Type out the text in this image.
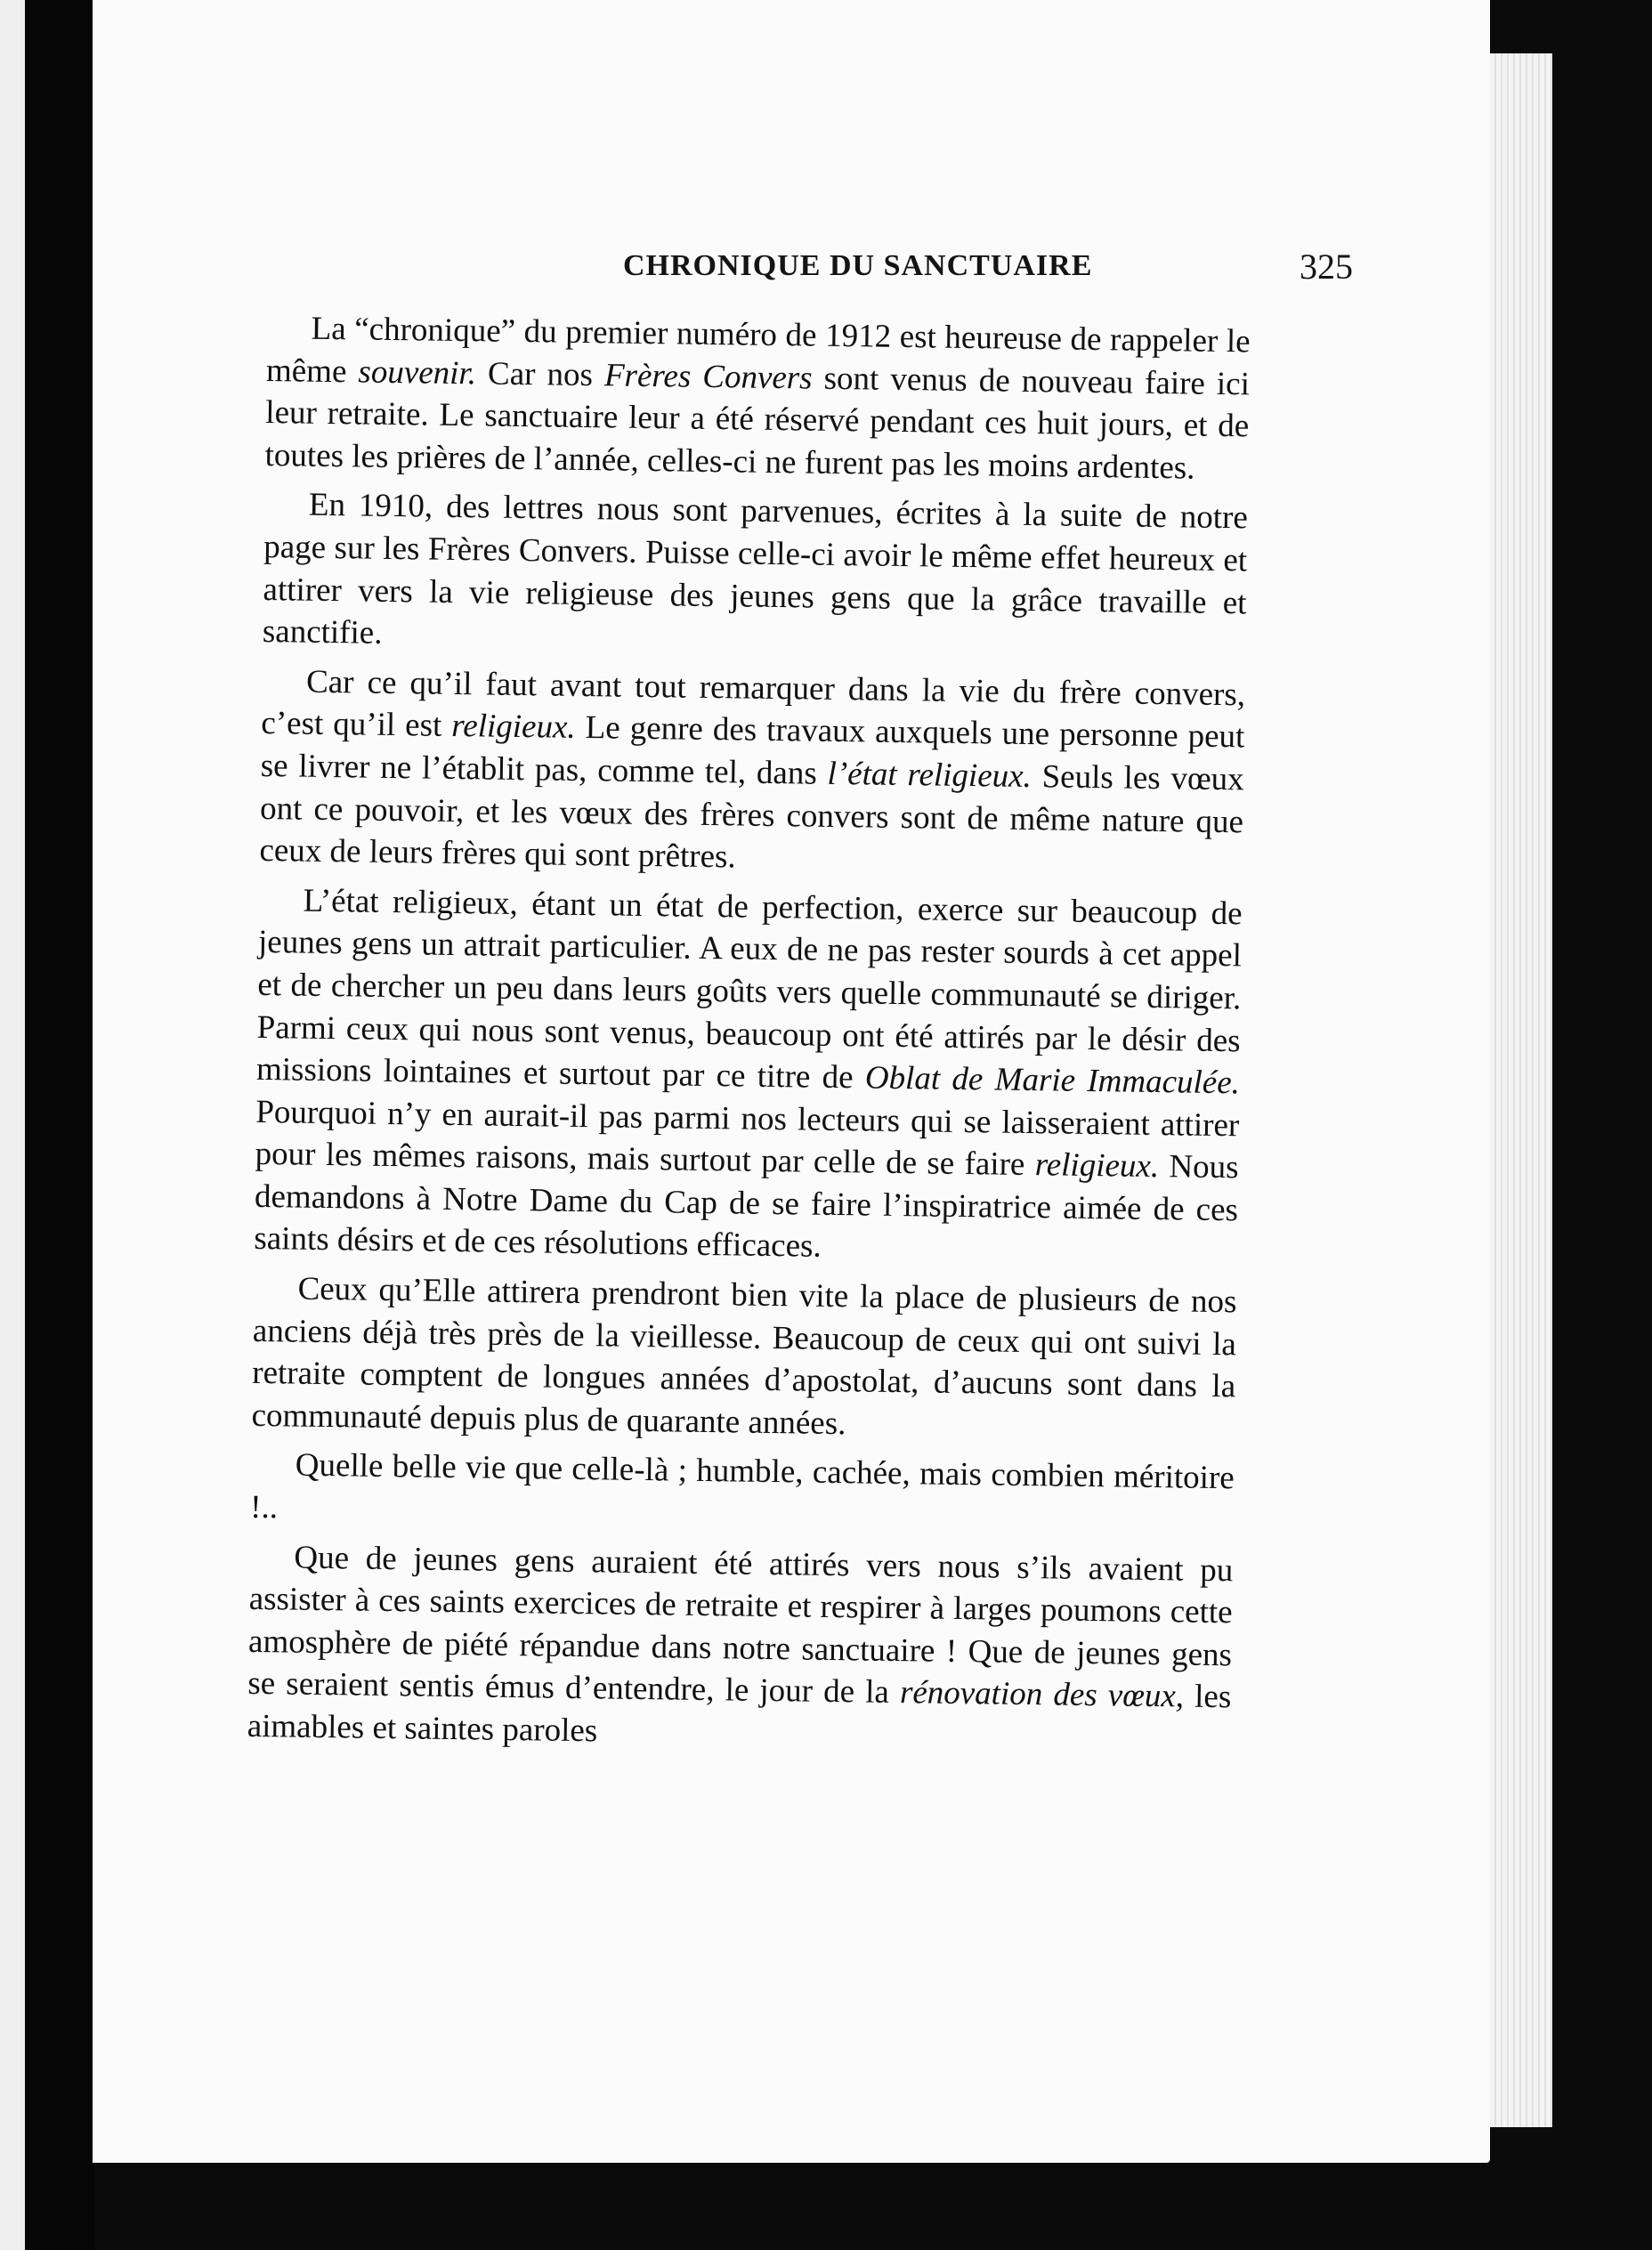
CHRONIQUE DU SANCTUAIRE	325

La “chronique” du premier numéro de 1912 est heureuse de rappeler le même souvenir. Car nos Frères Convers sont venus de nouveau faire ici leur retraite. Le sanctuaire leur a été réservé pendant ces huit jours, et de toutes les prières de l’année, celles-ci ne furent pas les moins ardentes.

En 1910, des lettres nous sont parvenues, écrites à la suite de notre page sur les Frères Convers. Puisse celle-ci avoir le même effet heureux et attirer vers la vie religieuse des jeunes gens que la grâce travaille et sanctifie.

Car ce qu’il faut avant tout remarquer dans la vie du frère convers, c’est qu’il est religieux. Le genre des travaux auxquels une personne peut se livrer ne l’établit pas, comme tel, dans l’état religieux. Seuls les vœux ont ce pouvoir, et les vœux des frères convers sont de même nature que ceux de leurs frères qui sont prêtres.

L’état religieux, étant un état de perfection, exerce sur beaucoup de jeunes gens un attrait particulier. A eux de ne pas rester sourds à cet appel et de chercher un peu dans leurs goûts vers quelle communauté se diriger. Parmi ceux qui nous sont venus, beaucoup ont été attirés par le désir des missions lointaines et surtout par ce titre de Oblat de Marie Immaculée. Pourquoi n’y en aurait-il pas parmi nos lecteurs qui se laisseraient attirer pour les mêmes raisons, mais surtout par celle de se faire religieux. Nous demandons à Notre Dame du Cap de se faire l’inspiratrice aimée de ces saints désirs et de ces résolutions efficaces.

Ceux qu’Elle attirera prendront bien vite la place de plusieurs de nos anciens déjà très près de la vieillesse. Beaucoup de ceux qui ont suivi la retraite comptent de longues années d’apostolat, d’aucuns sont dans la communauté depuis plus de quarante années.

Quelle belle vie que celle-là ; humble, cachée, mais combien méritoire !..

Que de jeunes gens auraient été attirés vers nous s’ils avaient pu assister à ces saints exercices de retraite et respirer à larges poumons cette amosphère de piété répandue dans notre sanctuaire ! Que de jeunes gens se seraient sentis émus d’entendre, le jour de la rénovation des vœux, les aimables et saintes paroles
